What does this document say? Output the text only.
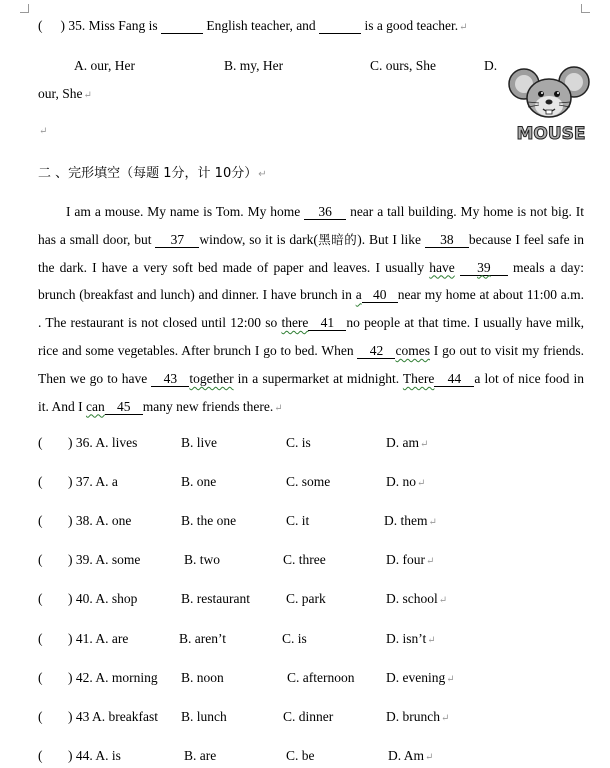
( ) 35. Miss Fang is	English teacher, and	is a good teacher.↵
A. our, Her	B. my, Her	C. ours, She	D.
our, She↵
↵	MOUSE
二 、完形填空（每题 1分，计 10分）↵
I am a mouse. My name is Tom. My home 36 near a tall building. My home is not big. It has a small door, but 37 window, so it is dark(黑暗的). But I like 38 because I feel safe in the dark. I have a very soft bed made of paper and leaves. I usually have 39 meals a day: brunch (breakfast and lunch) and dinner. I have brunch in a 40 near my home at about 11:00 a.m. . The restaurant is not closed until 12:00 so there 41 no people at that time. I usually have milk, rice and some vegetables. After brunch I go to bed. When 42 comes I go out to visit my friends. Then we go to have 43 together in a supermarket at midnight. There 44 a lot of nice food in it. And I can 45 many new friends there.↵
( ) 36. A. lives	B. live	C. is	D. am↵
( ) 37. A. a	B. one	C. some	D. no↵
( ) 38. A. one	B. the one	C. it	D. them↵
( ) 39. A. some	B. two	C. three	D. four↵
( ) 40. A. shop	B. restaurant	C. park	D. school↵
( ) 41. A. are	B. aren’t	C. is	D. isn’t↵
( ) 42. A. morning B. noon	C. afternoon D. evening↵
( ) 43 A. breakfast B. lunch	C. dinner	D. brunch↵
( ) 44. A. is	B. are	C. be	D. Am↵
